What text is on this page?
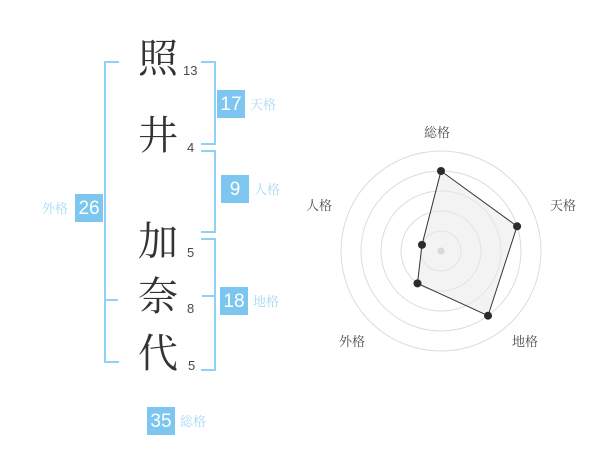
照
井
加
奈
代
13
4
5
8
5
17 天格
9	人格
18 地格
外格 26
35 総格
総格
天格
地格
外格
人格
